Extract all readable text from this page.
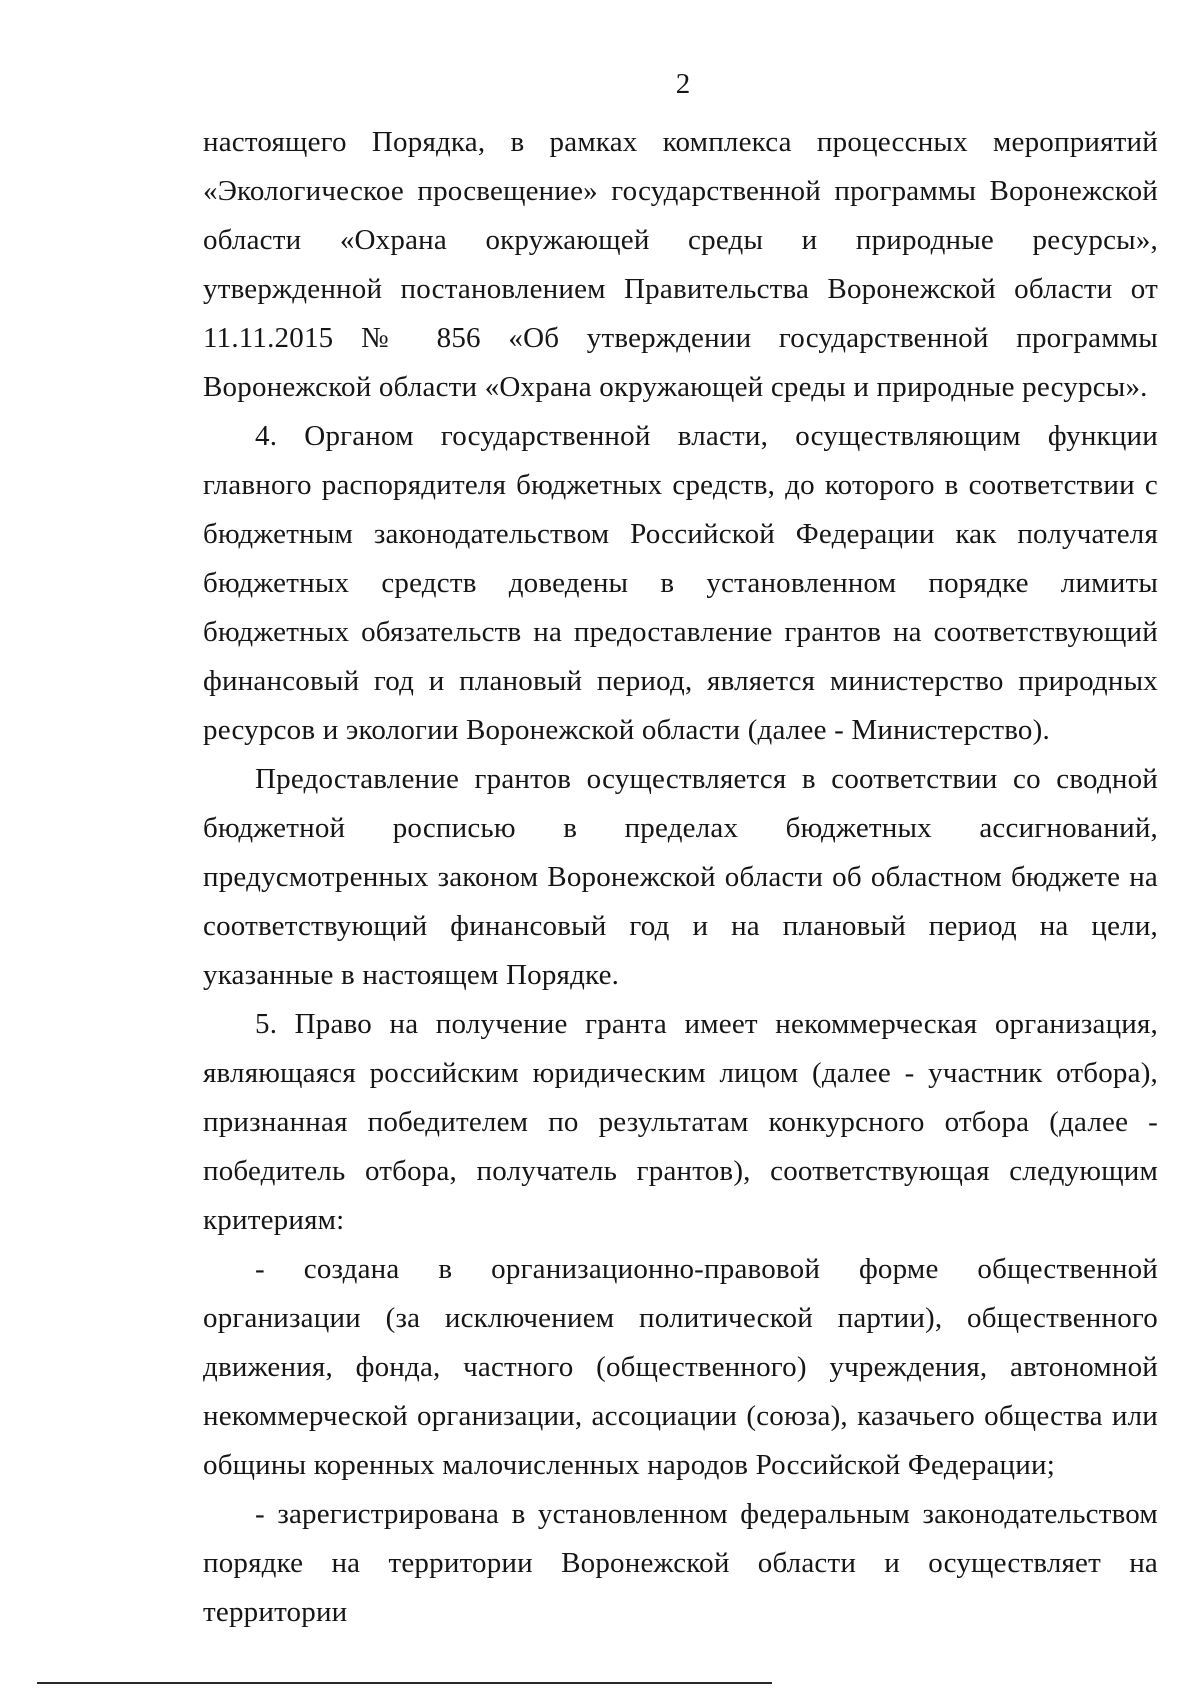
2

настоящего Порядка, в рамках комплекса процессных мероприятий «Экологическое просвещение» государственной программы Воронежской области «Охрана окружающей среды и природные ресурсы», утвержденной постановлением Правительства Воронежской области от 11.11.2015 № 856 «Об утверждении государственной программы Воронежской области «Охрана окружающей среды и природные ресурсы».

4. Органом государственной власти, осуществляющим функции главного распорядителя бюджетных средств, до которого в соответствии с бюджетным законодательством Российской Федерации как получателя бюджетных средств доведены в установленном порядке лимиты бюджетных обязательств на предоставление грантов на соответствующий финансовый год и плановый период, является министерство природных ресурсов и экологии Воронежской области (далее - Министерство).

Предоставление грантов осуществляется в соответствии со сводной бюджетной росписью в пределах бюджетных ассигнований, предусмотренных законом Воронежской области об областном бюджете на соответствующий финансовый год и на плановый период на цели, указанные в настоящем Порядке.

5. Право на получение гранта имеет некоммерческая организация, являющаяся российским юридическим лицом (далее - участник отбора), признанная победителем по результатам конкурсного отбора (далее - победитель отбора, получатель грантов), соответствующая следующим критериям:

- создана в организационно-правовой форме общественной организации (за исключением политической партии), общественного движения, фонда, частного (общественного) учреждения, автономной некоммерческой организации, ассоциации (союза), казачьего общества или общины коренных малочисленных народов Российской Федерации;

- зарегистрирована в установленном федеральным законодательством порядке на территории Воронежской области и осуществляет на территории
